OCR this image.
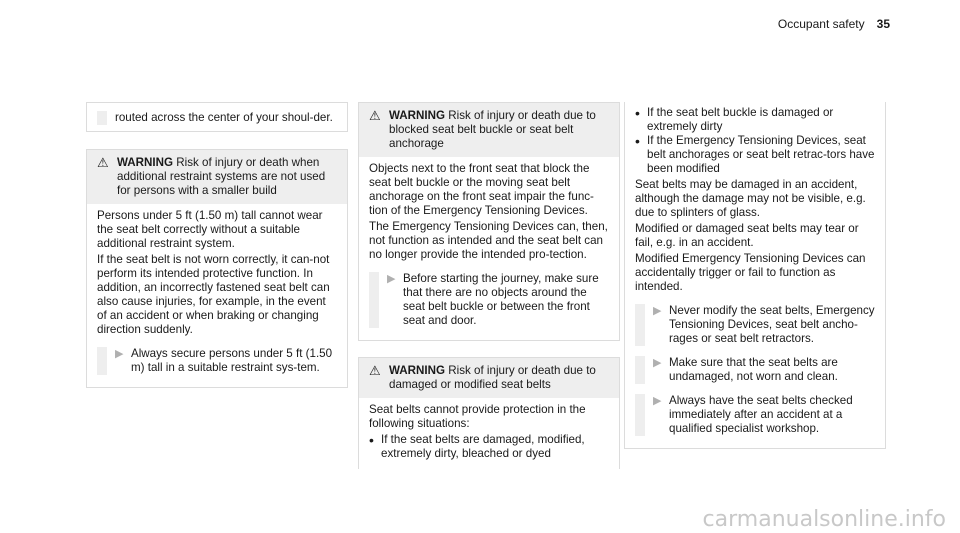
Occupant safety 35
routed across the center of your shoul-der.
⚠ WARNING Risk of injury or death when additional restraint systems are not used for persons with a smaller build

Persons under 5 ft (1.50 m) tall cannot wear the seat belt correctly without a suitable additional restraint system.

If the seat belt is not worn correctly, it can-not perform its intended protective function. In addition, an incorrectly fastened seat belt can also cause injuries, for example, in the event of an accident or when braking or changing direction suddenly.

▶ Always secure persons under 5 ft (1.50 m) tall in a suitable restraint sys-tem.
⚠ WARNING Risk of injury or death due to blocked seat belt buckle or seat belt anchorage

Objects next to the front seat that block the seat belt buckle or the moving seat belt anchorage on the front seat impair the func-tion of the Emergency Tensioning Devices.

The Emergency Tensioning Devices can, then, not function as intended and the seat belt can no longer provide the intended pro-tection.

▶ Before starting the journey, make sure that there are no objects around the seat belt buckle or between the front seat and door.
⚠ WARNING Risk of injury or death due to damaged or modified seat belts

Seat belts cannot provide protection in the following situations:

• If the seat belts are damaged, modified, extremely dirty, bleached or dyed
• If the seat belt buckle is damaged or extremely dirty
• If the Emergency Tensioning Devices, seat belt anchorages or seat belt retrac-tors have been modified

Seat belts may be damaged in an accident, although the damage may not be visible, e.g. due to splinters of glass.

Modified or damaged seat belts may tear or fail, e.g. in an accident.

Modified Emergency Tensioning Devices can accidentally trigger or fail to function as intended.

▶ Never modify the seat belts, Emergency Tensioning Devices, seat belt ancho-rages or seat belt retractors.
▶ Make sure that the seat belts are undamaged, not worn and clean.
▶ Always have the seat belts checked immediately after an accident at a qualified specialist workshop.
carmanualsonline.info
